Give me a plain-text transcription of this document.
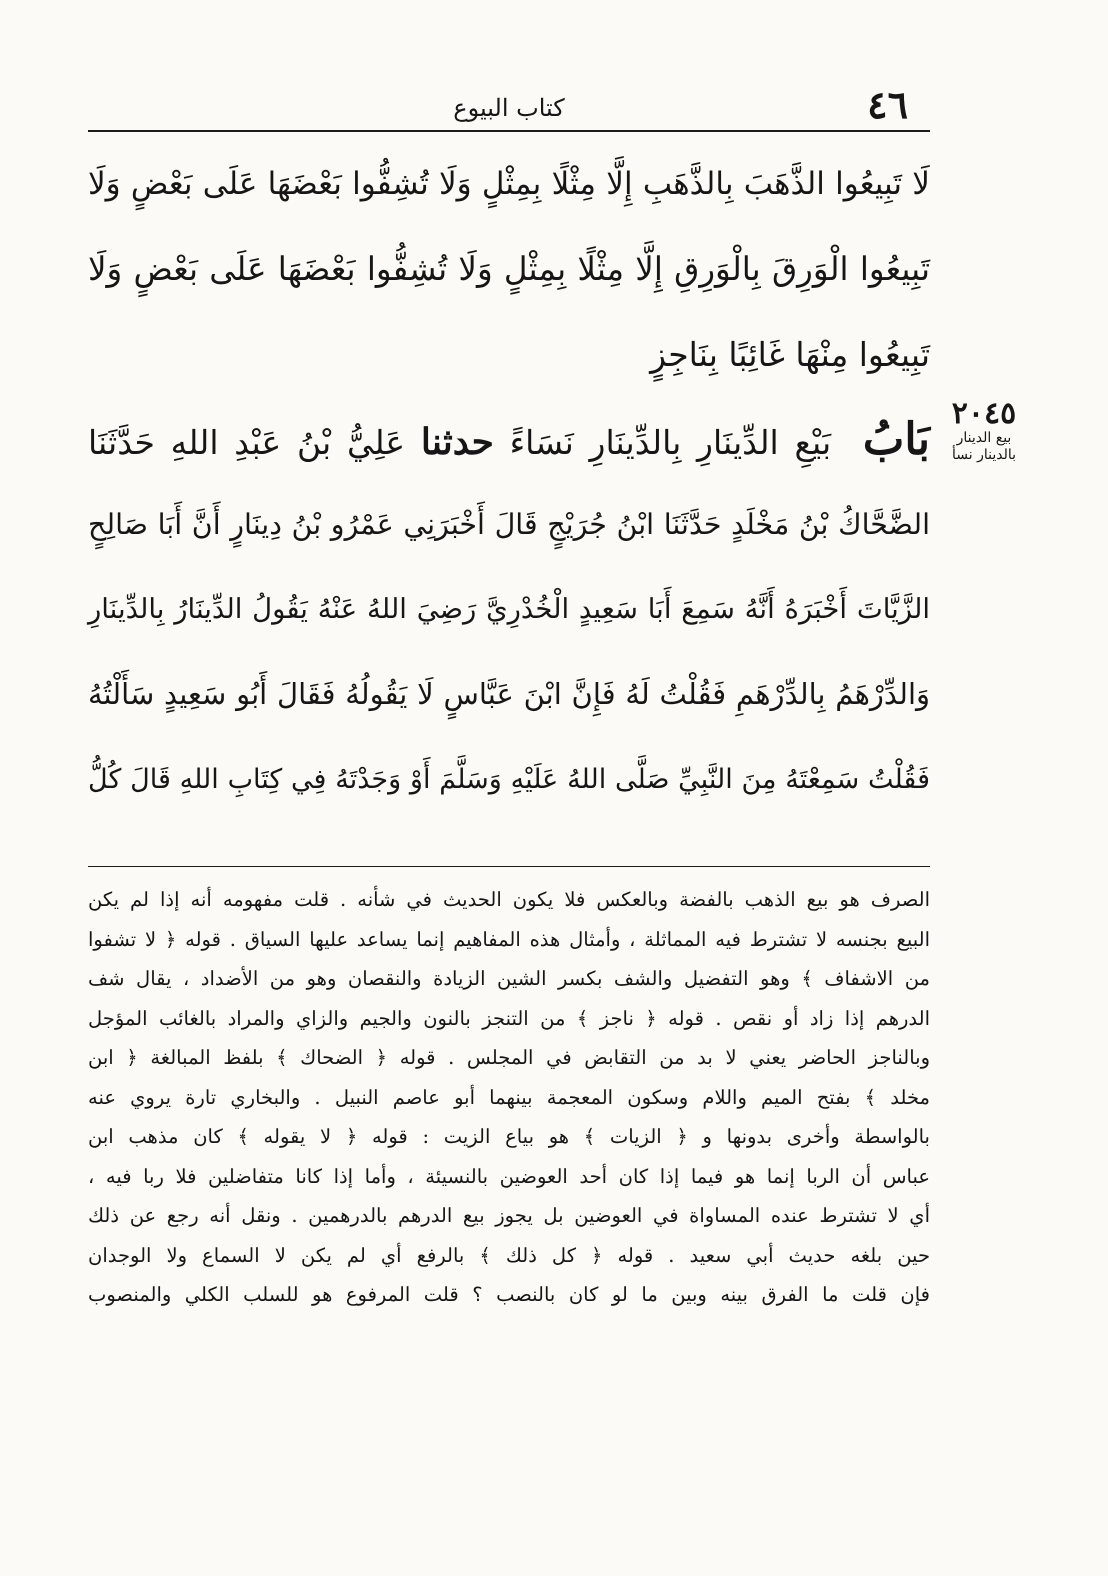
٤٦
كتاب البيوع
لَا تَبِيعُوا الذَّهَبَ بِالذَّهَبِ إِلَّا مِثْلًا بِمِثْلٍ وَلَا تُشِفُّوا بَعْضَهَا عَلَى بَعْضٍ وَلَا
تَبِيعُوا الْوَرِقَ بِالْوَرِقِ إِلَّا مِثْلًا بِمِثْلٍ وَلَا تُشِفُّوا بَعْضَهَا عَلَى بَعْضٍ وَلَا
تَبِيعُوا مِنْهَا غَائِبًا بِنَاجِزٍ
بَابُ بَيْعِ الدِّينَارِ بِالدِّينَارِ نَسَاءً حدثنا عَلِيُّ بْنُ عَبْدِ اللهِ حَدَّثَنَا
الضَّحَّاكُ بْنُ مَخْلَدٍ حَدَّثَنَا ابْنُ جُرَيْجٍ قَالَ أَخْبَرَنِي عَمْرُو بْنُ دِينَارٍ أَنَّ أَبَا صَالِحٍ
الزَّيَّاتَ أَخْبَرَهُ أَنَّهُ سَمِعَ أَبَا سَعِيدٍ الْخُدْرِيَّ رَضِيَ اللهُ عَنْهُ يَقُولُ الدِّينَارُ بِالدِّينَارِ
وَالدِّرْهَمُ بِالدِّرْهَمِ فَقُلْتُ لَهُ فَإِنَّ ابْنَ عَبَّاسٍ لَا يَقُولُهُ فَقَالَ أَبُو سَعِيدٍ سَأَلْتُهُ
فَقُلْتُ سَمِعْتَهُ مِنَ النَّبِيِّ صَلَّى اللهُ عَلَيْهِ وَسَلَّمَ أَوْ وَجَدْتَهُ فِي كِتَابِ اللهِ قَالَ كُلُّ
٢٠٤٥
بيع الدينار
بالدينار نسأ
الصرف هو بيع الذهب بالفضة وبالعكس فلا يكون الحديث في شأنه . قلت مفهومه أنه إذا لم يكن
البيع بجنسه لا تشترط فيه المماثلة ، وأمثال هذه المفاهيم إنما يساعد عليها السياق . قوله ﴿ لا تشفوا
من الاشفاف ﴾ وهو التفضيل والشف بكسر الشين الزيادة والنقصان وهو من الأضداد ، يقال شف
الدرهم إذا زاد أو نقص . قوله ﴿ ناجز ﴾ من التنجز بالنون والجيم والزاي والمراد بالغائب المؤجل
وبالناجز الحاضر يعني لا بد من التقابض في المجلس . قوله ﴿ الضحاك ﴾ بلفظ المبالغة ﴿ ابن
مخلد ﴾ بفتح الميم واللام وسكون المعجمة بينهما أبو عاصم النبيل . والبخاري تارة يروي عنه
بالواسطة وأخرى بدونها و ﴿ الزيات ﴾ هو بياع الزيت : قوله ﴿ لا يقوله ﴾ كان مذهب ابن
عباس أن الربا إنما هو فيما إذا كان أحد العوضين بالنسيئة ، وأما إذا كانا متفاضلين فلا ربا فيه ،
أي لا تشترط عنده المساواة في العوضين بل يجوز بيع الدرهم بالدرهمين . ونقل أنه رجع عن ذلك
حين بلغه حديث أبي سعيد . قوله ﴿ كل ذلك ﴾ بالرفع أي لم يكن لا السماع ولا الوجدان
فإن قلت ما الفرق بينه وبين ما لو كان بالنصب ؟ قلت المرفوع هو للسلب الكلي والمنصوب
